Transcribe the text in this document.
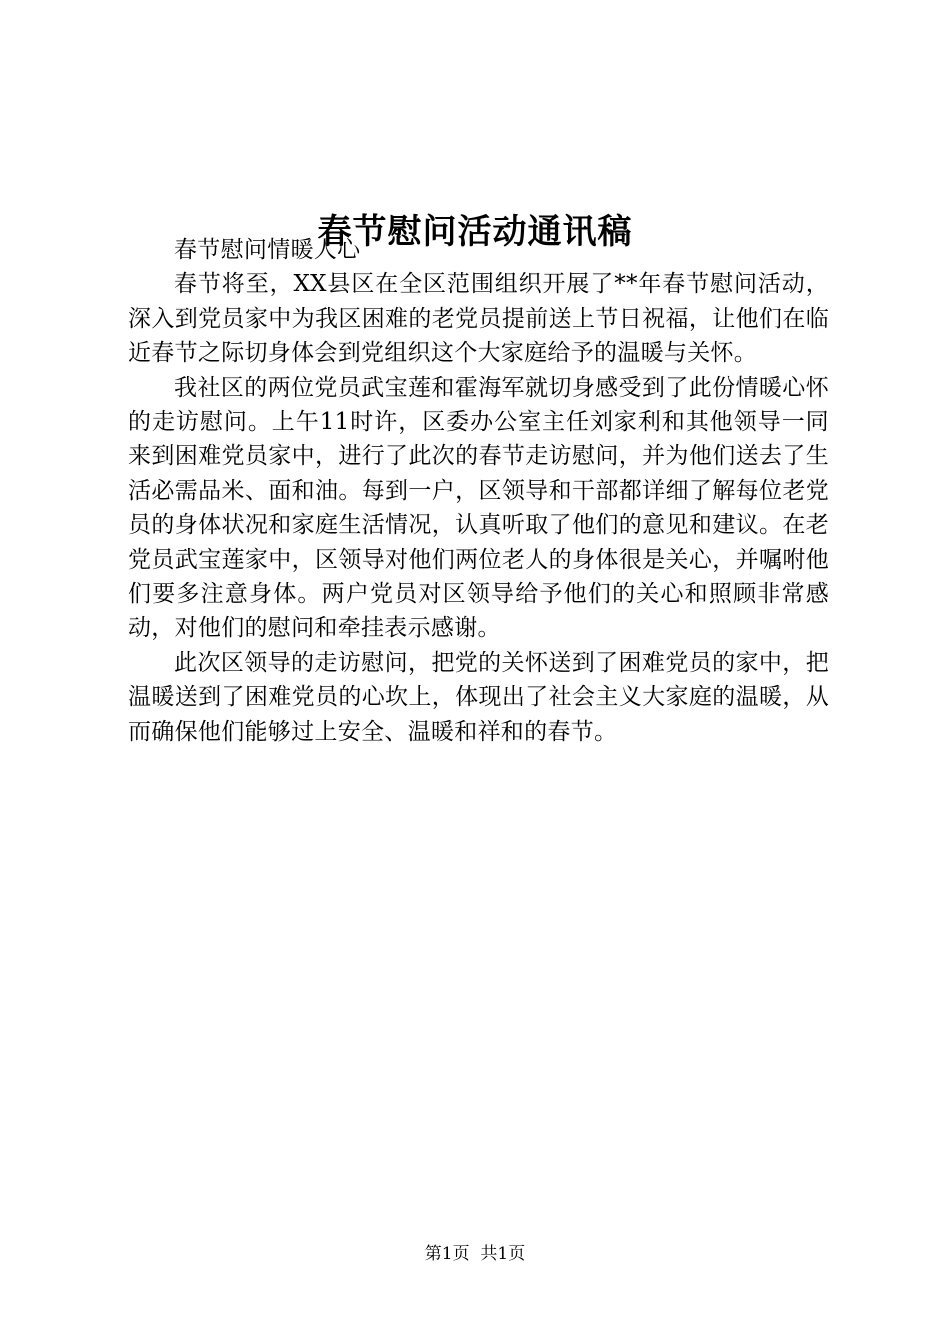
春节慰问活动通讯稿

春节慰问情暖人心

春节将至，XX县区在全区范围组织开展了**年春节慰问活动，深入到党员家中为我区困难的老党员提前送上节日祝福，让他们在临近春节之际切身体会到党组织这个大家庭给予的温暖与关怀。

我社区的两位党员武宝莲和霍海军就切身感受到了此份情暖心怀的走访慰问。上午11时许，区委办公室主任刘家利和其他领导一同来到困难党员家中，进行了此次的春节走访慰问，并为他们送去了生活必需品米、面和油。每到一户，区领导和干部都详细了解每位老党员的身体状况和家庭生活情况，认真听取了他们的意见和建议。在老党员武宝莲家中，区领导对他们两位老人的身体很是关心，并嘱咐他们要多注意身体。两户党员对区领导给予他们的关心和照顾非常感动，对他们的慰问和牵挂表示感谢。

此次区领导的走访慰问，把党的关怀送到了困难党员的家中，把温暖送到了困难党员的心坎上，体现出了社会主义大家庭的温暖，从而确保他们能够过上安全、温暖和祥和的春节。

第1页  共1页
